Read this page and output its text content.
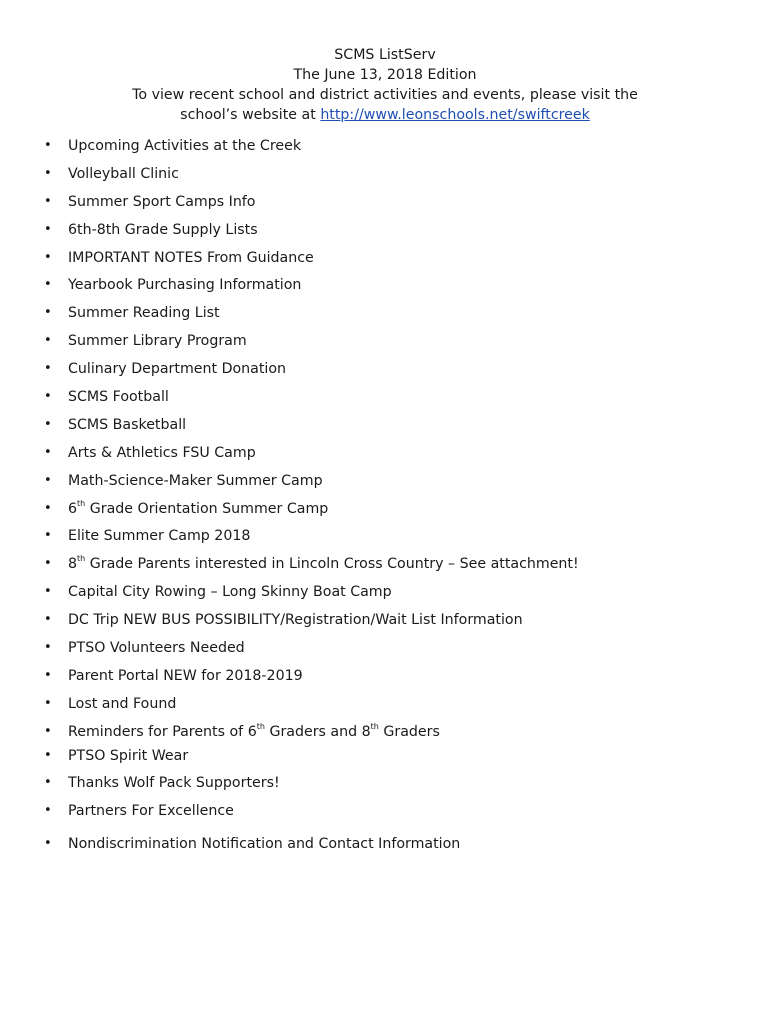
SCMS ListServ
The June 13, 2018 Edition
To view recent school and district activities and events, please visit the
school’s website at http://www.leonschools.net/swiftcreek
• Upcoming Activities at the Creek
• Volleyball Clinic
• Summer Sport Camps Info
• 6th-8th Grade Supply Lists
• IMPORTANT NOTES From Guidance
• Yearbook Purchasing Information
• Summer Reading List
• Summer Library Program
• Culinary Department Donation
• SCMS Football
• SCMS Basketball
• Arts & Athletics FSU Camp
• Math-Science-Maker Summer Camp
• 6th Grade Orientation Summer Camp
• Elite Summer Camp 2018
• 8th Grade Parents interested in Lincoln Cross Country – See attachment!
• Capital City Rowing – Long Skinny Boat Camp
• DC Trip NEW BUS POSSIBILITY/Registration/Wait List Information
• PTSO Volunteers Needed
• Parent Portal NEW for 2018-2019
• Lost and Found
• Reminders for Parents of 6th Graders and 8th Graders
• PTSO Spirit Wear
• Thanks Wolf Pack Supporters!
• Partners For Excellence
• Nondiscrimination Notification and Contact Information
